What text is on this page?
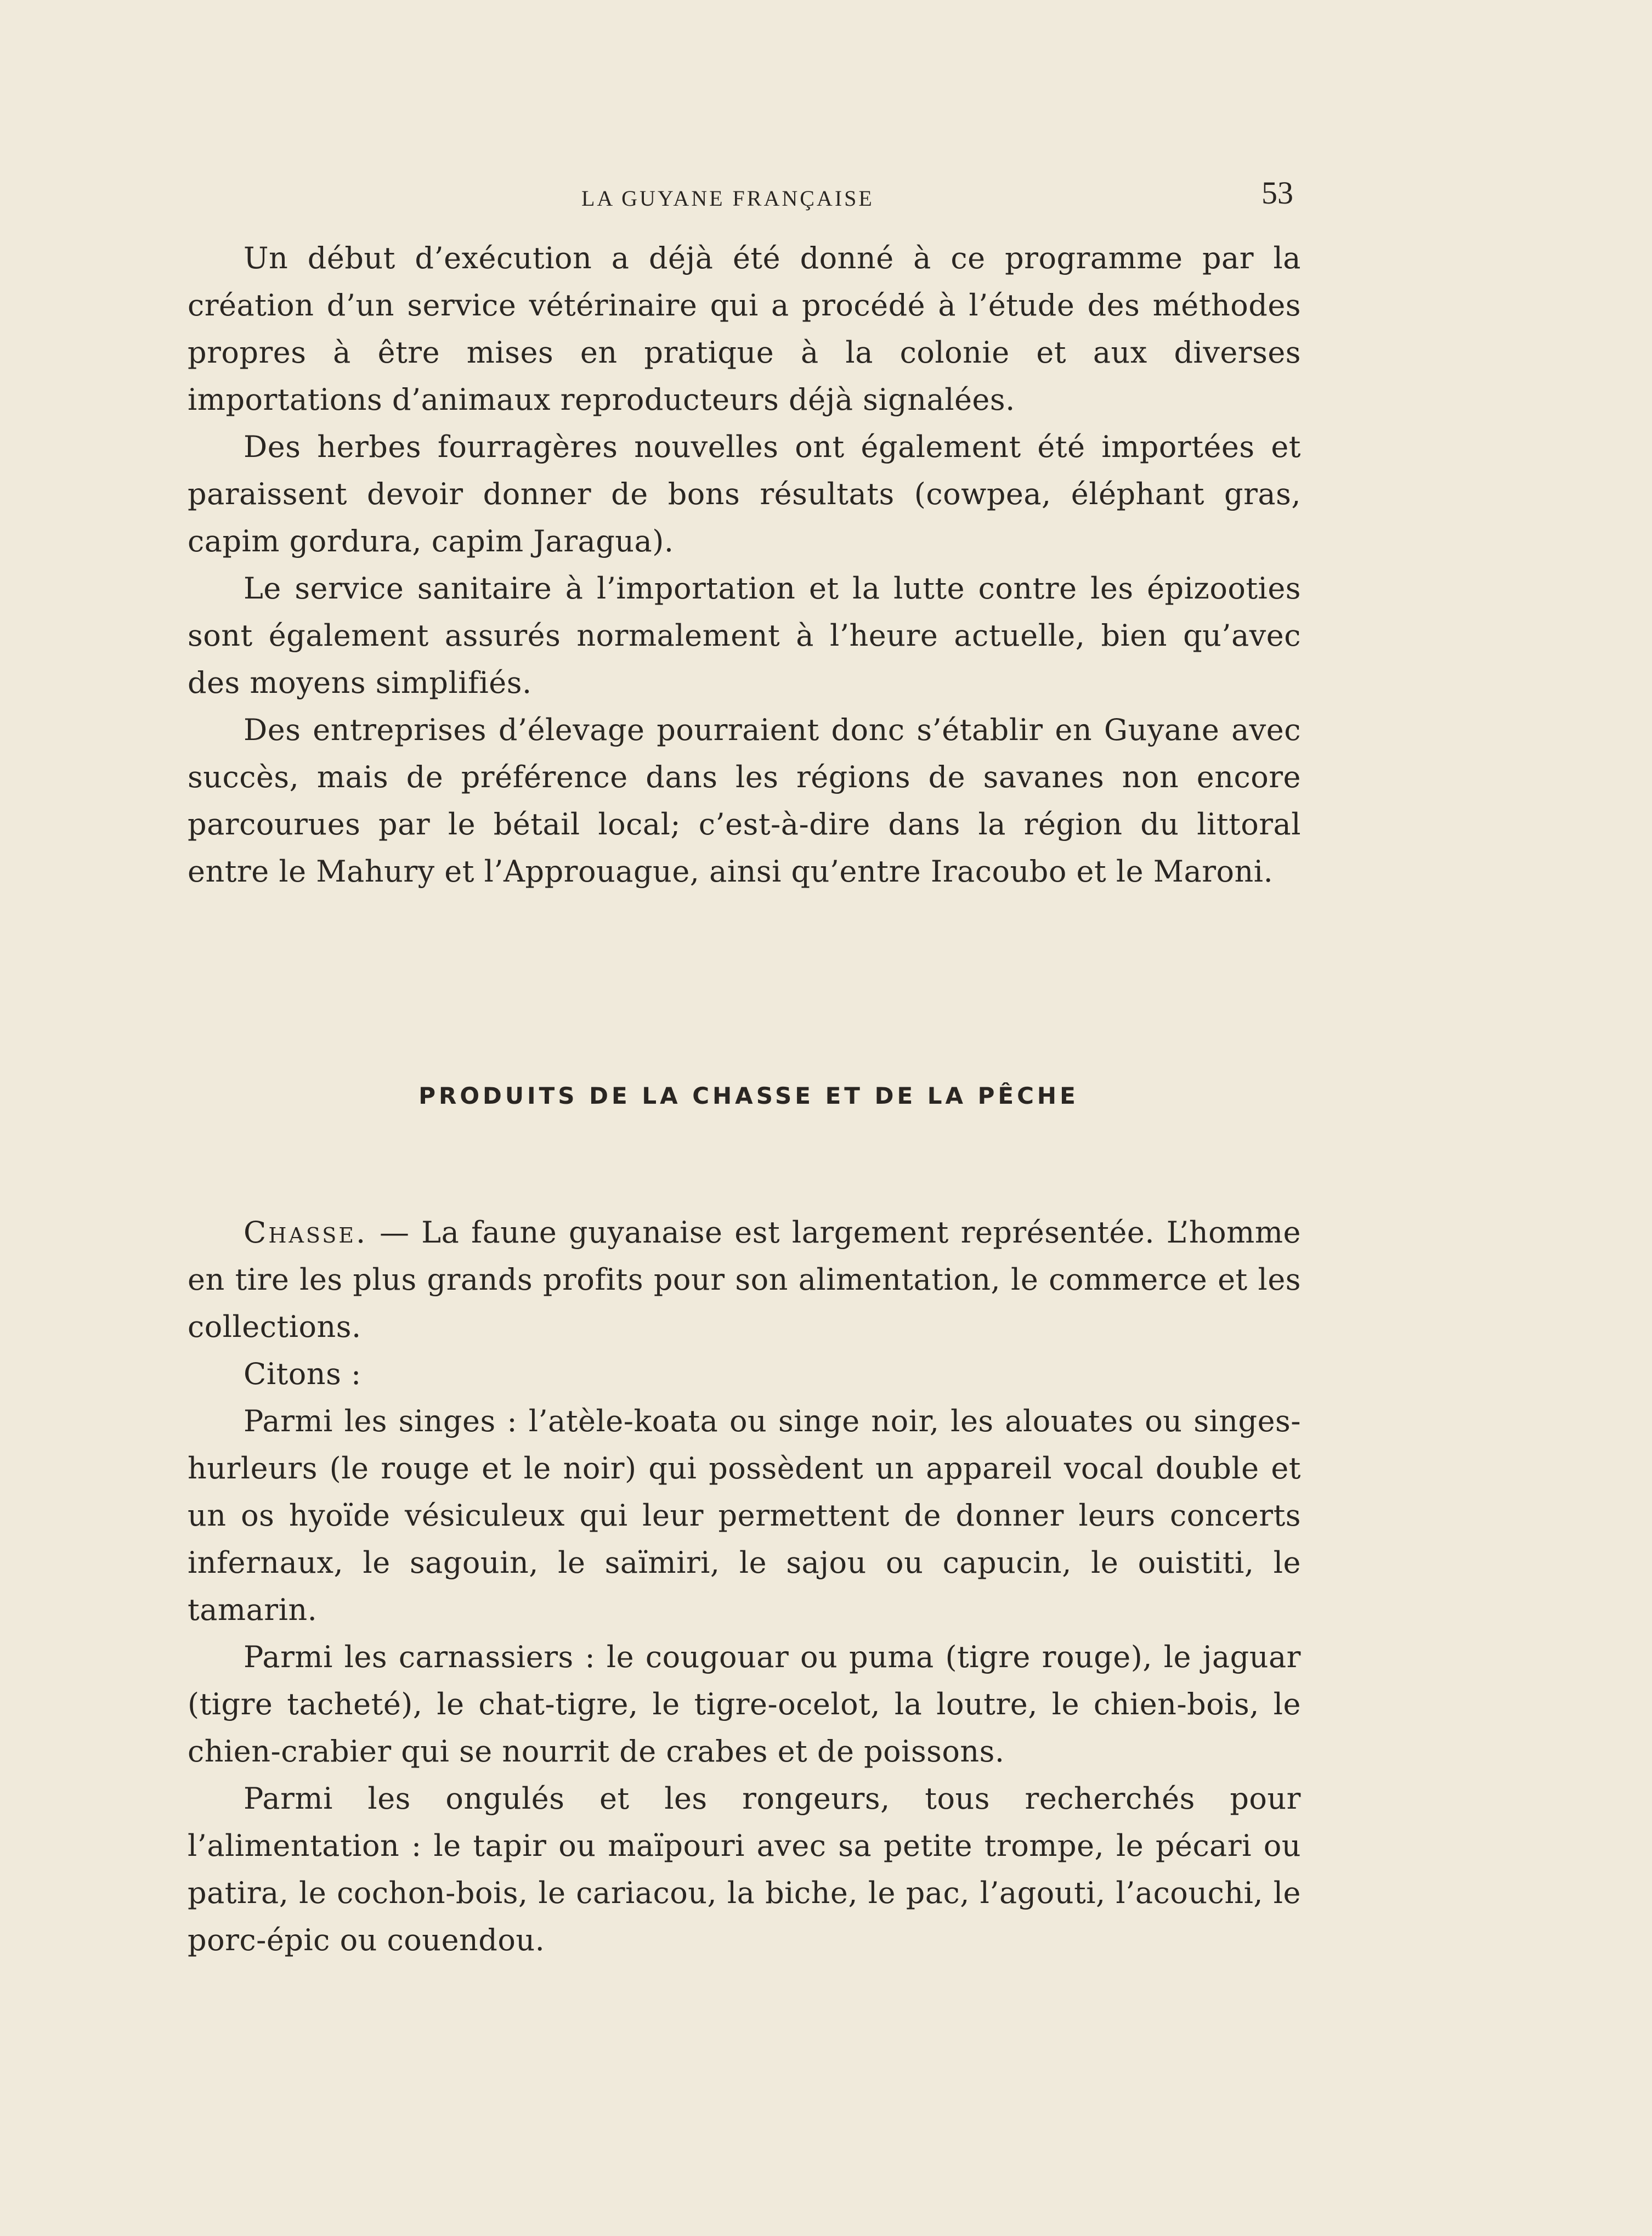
LA GUYANE FRANÇAISE	53

Un début d’exécution a déjà été donné à ce programme par la création d’un service vétérinaire qui a procédé à l’étude des méthodes propres à être mises en pratique à la colonie et aux diverses importations d’animaux reproducteurs déjà signalées.

Des herbes fourragères nouvelles ont également été importées et paraissent devoir donner de bons résultats (cowpea, éléphant gras, capim gordura, capim Jaragua).

Le service sanitaire à l’importation et la lutte contre les épizooties sont également assurés normalement à l’heure actuelle, bien qu’avec des moyens simplifiés.

Des entreprises d’élevage pourraient donc s’établir en Guyane avec succès, mais de préférence dans les régions de savanes non encore parcourues par le bétail local; c’est-à-dire dans la région du littoral entre le Mahury et l’Approuague, ainsi qu’entre Iracoubo et le Maroni.

PRODUITS DE LA CHASSE ET DE LA PÊCHE

Chasse. — La faune guyanaise est largement représentée. L’homme en tire les plus grands profits pour son alimentation, le commerce et les collections.

Citons :

Parmi les singes : l’atèle-koata ou singe noir, les alouates ou singes-hurleurs (le rouge et le noir) qui possèdent un appareil vocal double et un os hyoïde vésiculeux qui leur permettent de donner leurs concerts infernaux, le sagouin, le saïmiri, le sajou ou capucin, le ouistiti, le tamarin.

Parmi les carnassiers : le cougouar ou puma (tigre rouge), le jaguar (tigre tacheté), le chat-tigre, le tigre-ocelot, la loutre, le chien-bois, le chien-crabier qui se nourrit de crabes et de poissons.

Parmi les ongulés et les rongeurs, tous recherchés pour l’alimentation : le tapir ou maïpouri avec sa petite trompe, le pécari ou patira, le cochon-bois, le cariacou, la biche, le pac, l’agouti, l’acouchi, le porc-épic ou couendou.
